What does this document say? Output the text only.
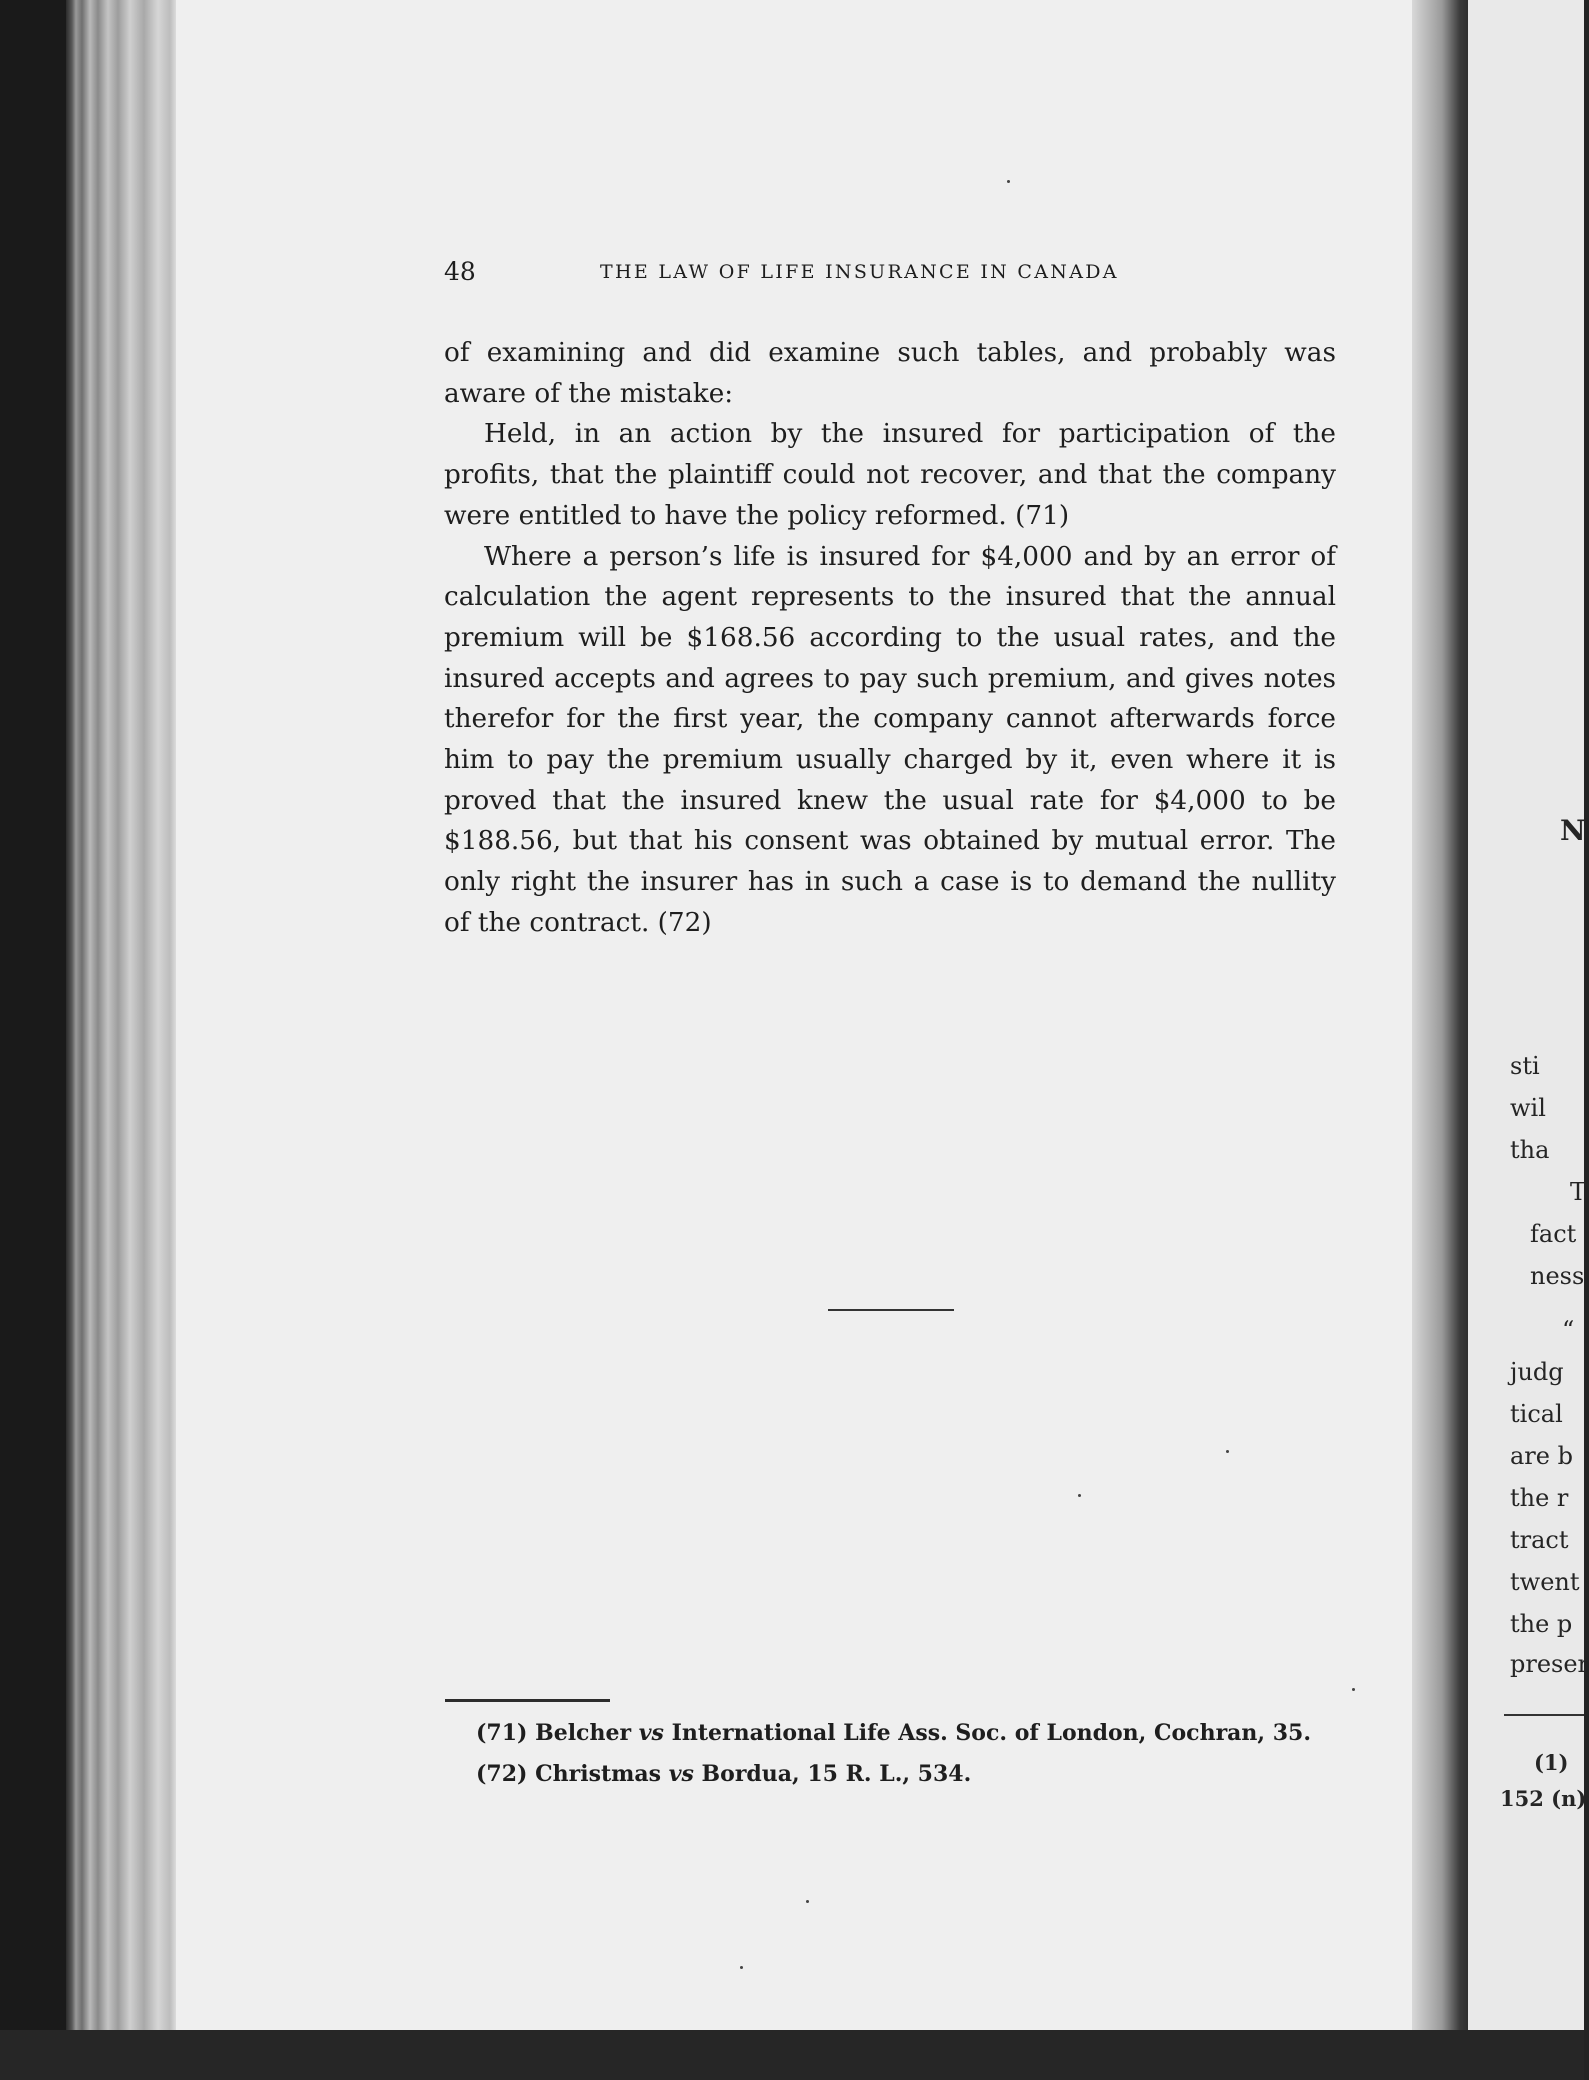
48	THE LAW OF LIFE INSURANCE IN CANADA

of examining and did examine such tables, and probably was aware of the mistake:

Held, in an action by the insured for participation of the profits, that the plaintiff could not recover, and that the company were entitled to have the policy reformed. (71)

Where a person’s life is insured for $4,000 and by an error of calculation the agent represents to the insured that the annual premium will be $168.56 according to the usual rates, and the insured accepts and agrees to pay such premium, and gives notes therefor for the first year, the company cannot afterwards force him to pay the premium usually charged by it, even where it is proved that the insured knew the usual rate for $4,000 to be $188.56, but that his consent was obtained by mutual error. The only right the insurer has in such a case is to demand the nullity of the contract. (72)

(71) Belcher vs International Life Ass. Soc. of London, Cochran, 35.

(72) Christmas vs Bordua, 15 R. L., 534.

N
sti
wil
tha
T
fact
ness
“
judg
tical
are b
the r
tract
twent
the p
preser
(1)
152 (n)
